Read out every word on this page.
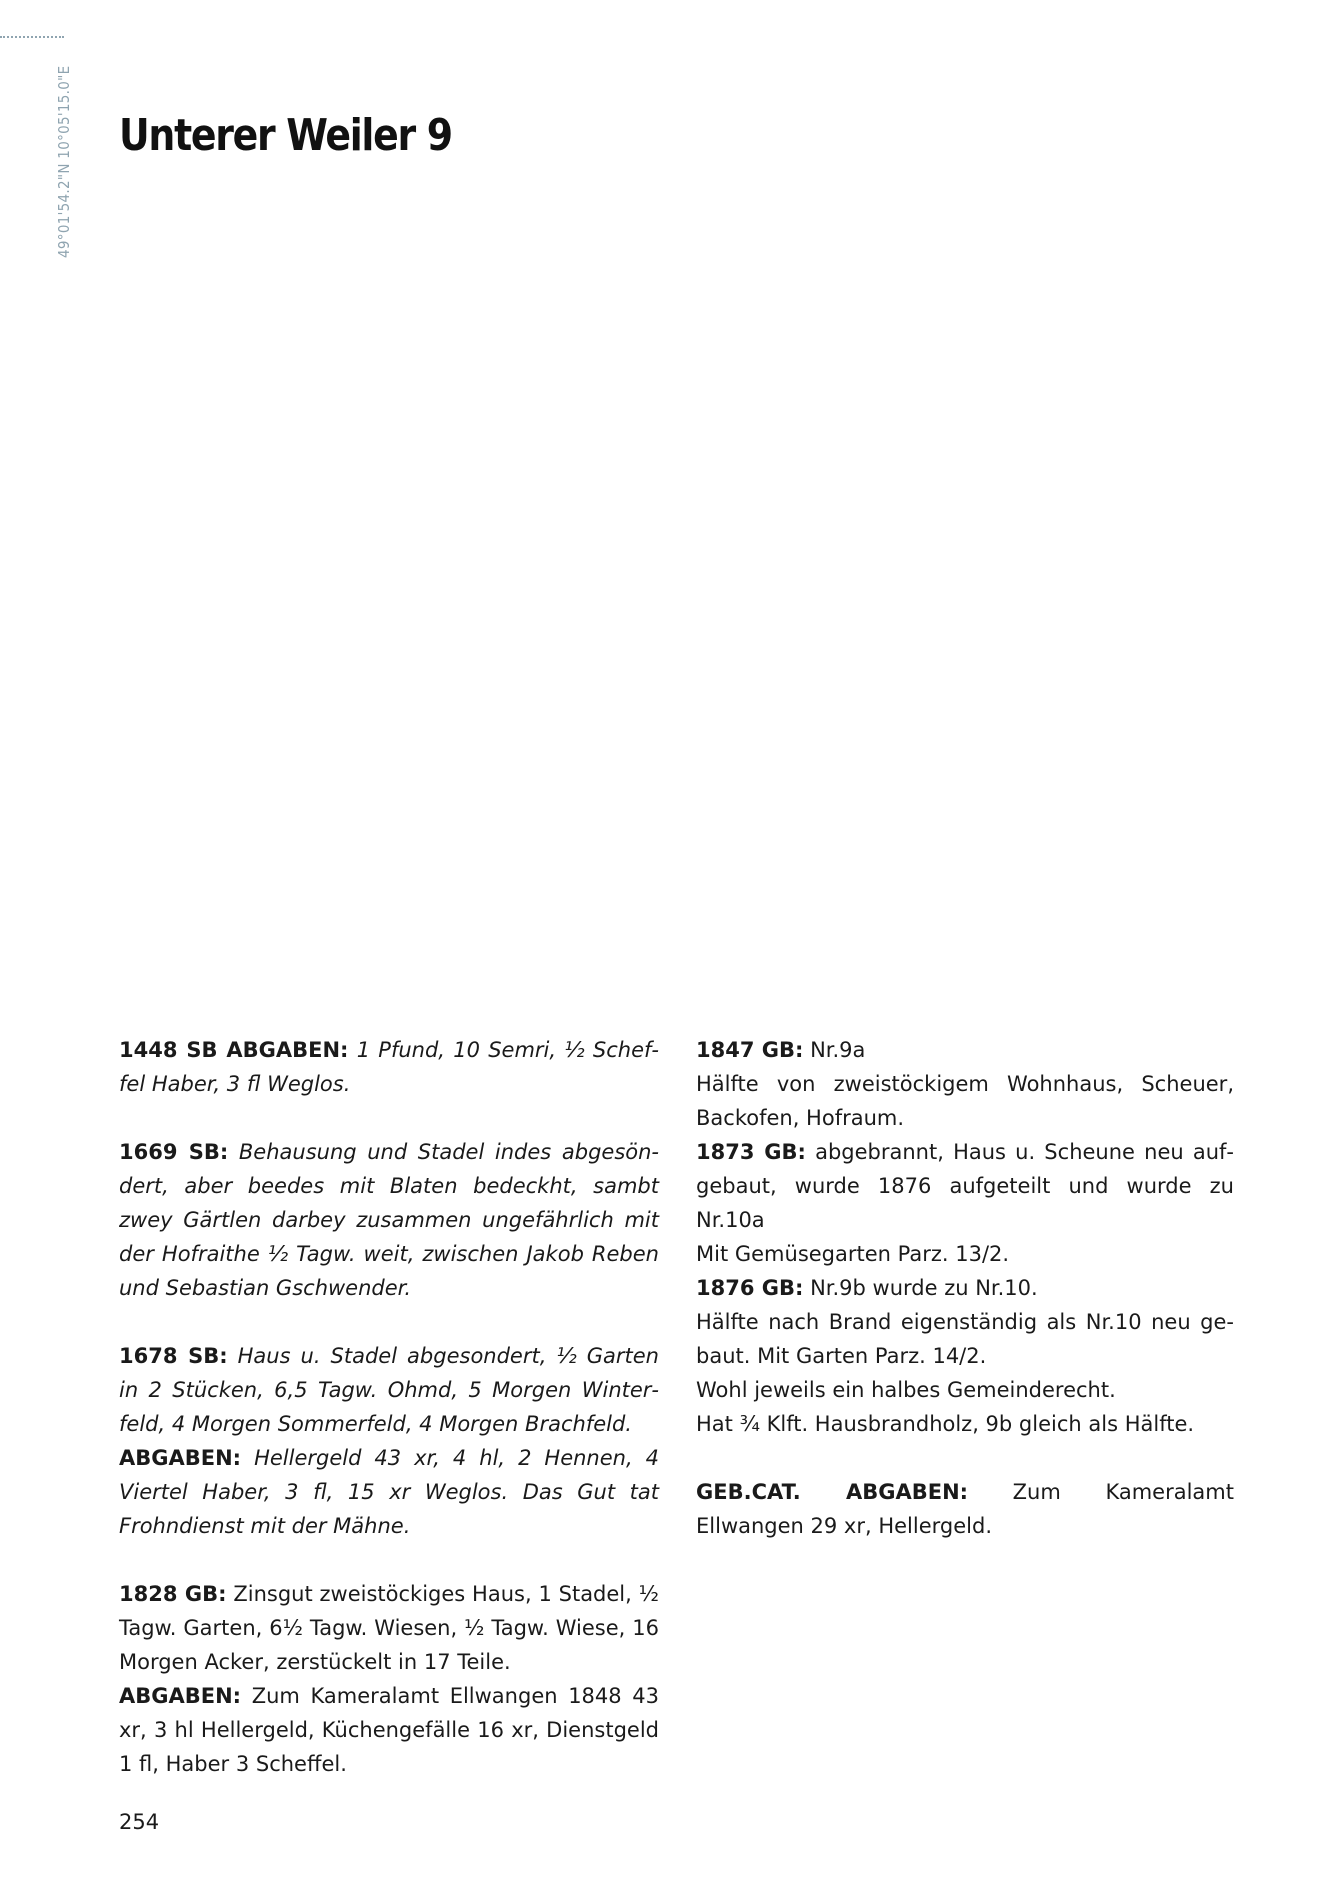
49°01'54.2"N 10°05'15.0"E Unterer Weiler 9

1448 SB ABGABEN: 1 Pfund, 10 Semri, ½ Scheffel Haber, 3 fl Weglos.

1669 SB: Behausung und Stadel indes abgesöndert, aber beedes mit Blaten bedeckht, sambt zwey Gärtlen darbey zusammen ungefährlich mit der Hofraithe ½ Tagw. weit, zwischen Jakob Reben und Sebastian Gschwender.

1678 SB: Haus u. Stadel abgesondert, ½ Garten in 2 Stücken, 6,5 Tagw. Ohmd, 5 Morgen Winterfeld, 4 Morgen Sommerfeld, 4 Morgen Brachfeld.

ABGABEN: Hellergeld 43 xr, 4 hl, 2 Hennen, 4 Viertel Haber, 3 fl, 15 xr Weglos. Das Gut tat Frohndienst mit der Mähne.

1828 GB: Zinsgut zweistöckiges Haus, 1 Stadel, ½ Tagw. Garten, 6½ Tagw. Wiesen, ½ Tagw. Wiese, 16 Morgen Acker, zerstückelt in 17 Teile.

ABGABEN: Zum Kameralamt Ellwangen 1848 43 xr, 3 hl Hellergeld, Küchengefälle 16 xr, Dienstgeld 1 fl, Haber 3 Scheffel.

1847 GB: Nr.9a

Hälfte von zweistöckigem Wohnhaus, Scheuer, Backofen, Hofraum.

1873 GB: abgebrannt, Haus u. Scheune neu aufgebaut, wurde 1876 aufgeteilt und wurde zu Nr.10a

Mit Gemüsegarten Parz. 13/2.

1876 GB: Nr.9b wurde zu Nr.10.

Hälfte nach Brand eigenständig als Nr.10 neu gebaut. Mit Garten Parz. 14/2.

Wohl jeweils ein halbes Gemeinderecht.

Hat ¾ Klft. Hausbrandholz, 9b gleich als Hälfte.

GEB.CAT. ABGABEN: Zum Kameralamt Ellwangen 29 xr, Hellergeld.

254
